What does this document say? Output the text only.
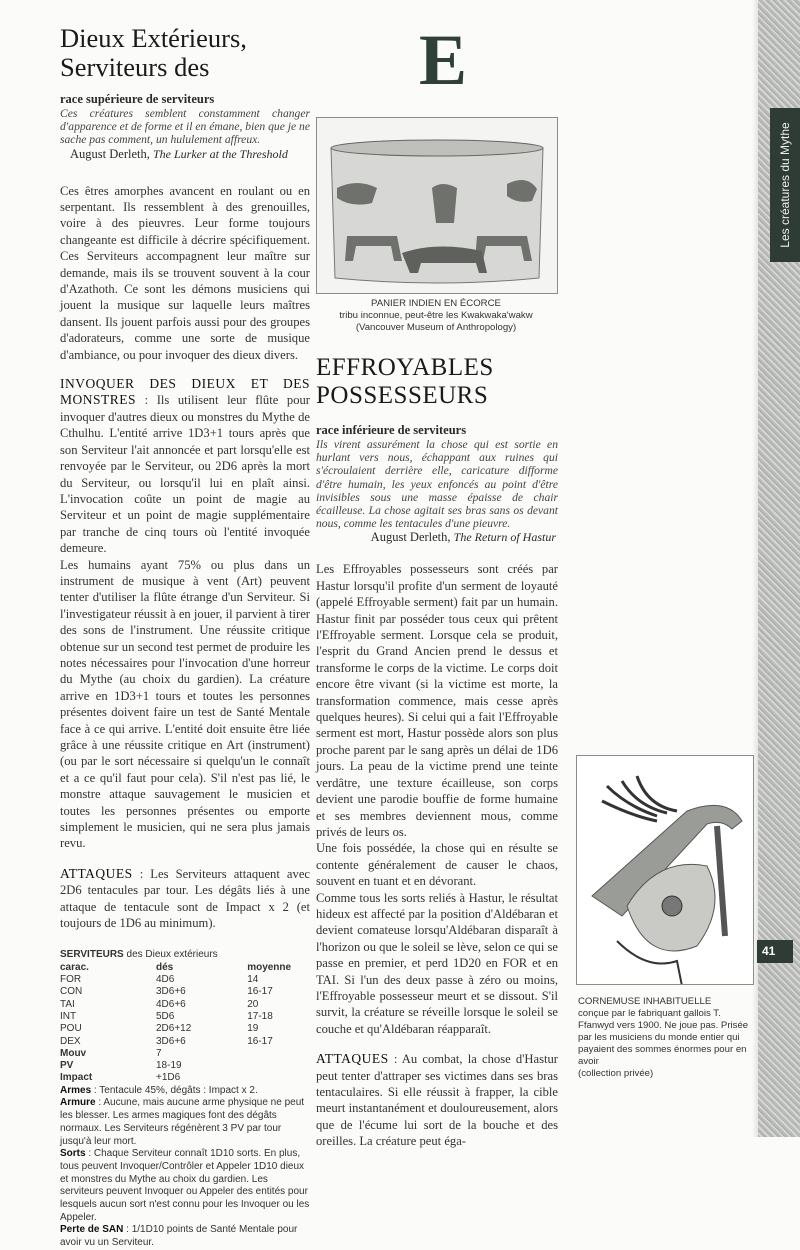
Les créatures du Mythe
41
E
Dieux Extérieurs,
Serviteurs des
race supérieure de serviteurs
Ces créatures semblent constamment changer d'apparence et de forme et il en émane, bien que je ne sache pas comment, un hululement affreux.
August Derleth, The Lurker at the Threshold

Ces êtres amorphes avancent en roulant ou en serpentant. Ils ressemblent à des grenouilles, voire à des pieuvres. Leur forme toujours changeante est difficile à décrire spécifiquement. Ces Serviteurs accompagnent leur maître sur demande, mais ils se trouvent souvent à la cour d'Azathoth. Ce sont les démons musiciens qui jouent la musique sur laquelle leurs maîtres dansent. Ils jouent parfois aussi pour des groupes d'adorateurs, comme une sorte de musique d'ambiance, ou pour invoquer des dieux divers.

INVOQUER DES DIEUX ET DES MONSTRES : Ils utilisent leur flûte pour invoquer d'autres dieux ou monstres du Mythe de Cthulhu. L'entité arrive 1D3+1 tours après que son Serviteur l'ait annoncée et part lorsqu'elle est renvoyée par le Serviteur, ou 2D6 après la mort du Serviteur, ou lorsqu'il lui en plaît ainsi. L'invocation coûte un point de magie au Serviteur et un point de magie supplémentaire par tranche de cinq tours où l'entité invoquée demeure.

Les humains ayant 75% ou plus dans un instrument de musique à vent (Art) peuvent tenter d'utiliser la flûte étrange d'un Serviteur. Si l'investigateur réussit à en jouer, il parvient à tirer des sons de l'instrument. Une réussite critique obtenue sur un second test permet de produire les notes nécessaires pour l'invocation d'une horreur du Mythe (au choix du gardien). La créature arrive en 1D3+1 tours et toutes les personnes présentes doivent faire un test de Santé Mentale face à ce qui arrive. L'entité doit ensuite être liée grâce à une réussite critique en Art (instrument) (ou par le sort nécessaire si quelqu'un le connaît et a ce qu'il faut pour cela). S'il n'est pas lié, le monstre attaque sauvagement le musicien et toutes les personnes présentes ou emporte simplement le musicien, qui ne sera plus jamais revu.

ATTAQUES : Les Serviteurs attaquent avec 2D6 tentacules par tour. Les dégâts liés à une attaque de tentacule sont de Impact x 2 (et toujours de 1D6 au minimum).

SERVITEURS des Dieux extérieurs
carac.	dés	moyenne
FOR	4D6	14
CON	3D6+6	16-17
TAI	4D6+6	20
INT	5D6	17-18
POU	2D6+12	19
DEX	3D6+6	16-17
Mouv	7	
PV	18-19	
Impact	+1D6	
Armes : Tentacule 45%, dégâts : Impact x 2.
Armure : Aucune, mais aucune arme physique ne peut les blesser. Les armes magiques font des dégâts normaux. Les Serviteurs régénèrent 3 PV par tour jusqu'à leur mort.
Sorts : Chaque Serviteur connaît 1D10 sorts. En plus, tous peuvent Invoquer/Contrôler et Appeler 1D10 dieux et monstres du Mythe au choix du gardien. Les serviteurs peuvent Invoquer ou Appeler des entités pour lesquels aucun sort n'est connu pour les Invoquer ou les Appeler.
Perte de SAN : 1/1D10 points de Santé Mentale pour avoir vu un Serviteur.
PANIER INDIEN EN ÉCORCE
tribu inconnue, peut-être les Kwakwaka'wakw
(Vancouver Museum of Anthropology)
EFFROYABLES
POSSESSEURS
race inférieure de serviteurs
Ils virent assurément la chose qui est sortie en hurlant vers nous, échappant aux ruines qui s'écroulaient derrière elle, caricature difforme d'être humain, les yeux enfoncés au point d'être invisibles sous une masse épaisse de chair écailleuse. La chose agitait ses bras sans os devant nous, comme les tentacules d'une pieuvre.
August Derleth, The Return of Hastur

Les Effroyables possesseurs sont créés par Hastur lorsqu'il profite d'un serment de loyauté (appelé Effroyable serment) fait par un humain. Hastur finit par posséder tous ceux qui prêtent l'Effroyable serment. Lorsque cela se produit, l'esprit du Grand Ancien prend le dessus et transforme le corps de la victime. Le corps doit encore être vivant (si la victime est morte, la transformation commence, mais cesse après quelques heures). Si celui qui a fait l'Effroyable serment est mort, Hastur possède alors son plus proche parent par le sang après un délai de 1D6 jours. La peau de la victime prend une teinte verdâtre, une texture écailleuse, son corps devient une parodie bouffie de forme humaine et ses membres deviennent mous, comme privés de leurs os.

Une fois possédée, la chose qui en résulte se contente généralement de causer le chaos, souvent en tuant et en dévorant.

Comme tous les sorts reliés à Hastur, le résultat hideux est affecté par la position d'Aldébaran et devient comateuse lorsqu'Aldébaran disparaît à l'horizon ou que le soleil se lève, selon ce qui se passe en premier, et perd 1D20 en FOR et en TAI. Si l'un des deux passe à zéro ou moins, l'Effroyable possesseur meurt et se dissout. S'il survit, la créature se réveille lorsque le soleil se couche et qu'Aldébaran réapparaît.

ATTAQUES : Au combat, la chose d'Hastur peut tenter d'attraper ses victimes dans ses bras tentaculaires. Si elle réussit à frapper, la cible meurt instantanément et douloureusement, alors que de l'écume lui sort de la bouche et des oreilles. La créature peut éga-

CORNEMUSE INHABITUELLE
conçue par le fabriquant gallois T. Ffanwyd vers 1900. Ne joue pas. Prisée par les musiciens du monde entier qui payaient des sommes énormes pour en avoir
(collection privée)
